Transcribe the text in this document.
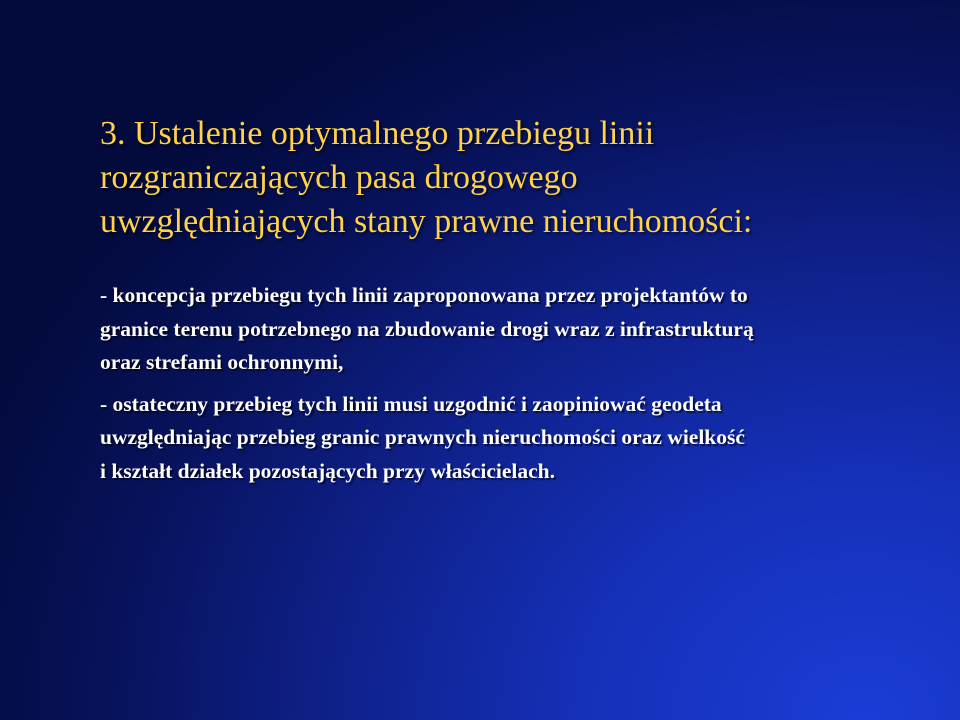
3. Ustalenie optymalnego przebiegu linii
rozgraniczających pasa drogowego
uwzględniających stany prawne nieruchomości:

- koncepcja przebiegu tych linii zaproponowana przez projektantów to
granice terenu potrzebnego na zbudowanie drogi wraz z infrastrukturą
oraz strefami ochronnymi,

- ostateczny przebieg tych linii musi uzgodnić i zaopiniować geodeta
uwzględniając przebieg granic prawnych nieruchomości oraz wielkość
i kształt działek pozostających przy właścicielach.
